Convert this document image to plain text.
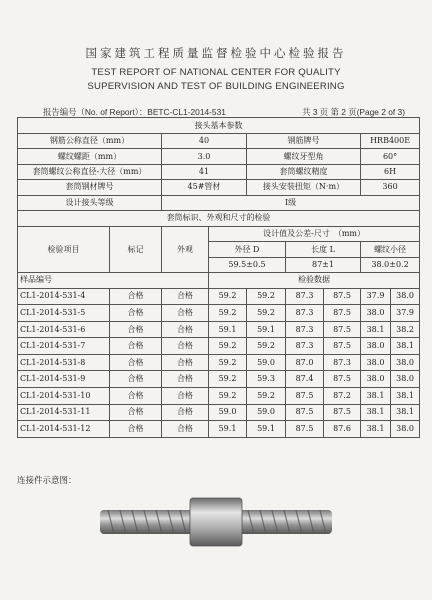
国家建筑工程质量监督检验中心检验报告
TEST REPORT OF NATIONAL CENTER FOR QUALITY
SUPERVISION AND TEST OF BUILDING ENGINEERING
报告编号（No. of Report）：BETC-CL1-2014-531	共 3 页 第 2 页(Page 2 of 3)
接头基本参数								
钢筋公称直径（mm）		40		钢筋牌号			HRB400E	
螺纹螺距（mm）		3.0		螺纹牙型角			60°	
套筒螺纹公称直径-大径（mm）		41		套筒螺纹精度			6H	
套筒钢材牌号		45#管材		接头安装扭矩（N·m）			360	
设计接头等级		I级						
套筒标识、外观和尺寸的检验								
检验项目	标记	外观	设计值及公差-尺寸　（mm）					
			外径 D		长度 L		螺纹小径	
			59.5±0.5		87±1		38.0±0.2	
样品编号			检验数据					
CL1-2014-531-4	合格	合格	59.2	59.2	87.3	87.5	37.9	38.0
CL1-2014-531-5	合格	合格	59.2	59.2	87.3	87.5	38.0	37.9
CL1-2014-531-6	合格	合格	59.1	59.1	87.3	87.5	38.1	38.2
CL1-2014-531-7	合格	合格	59.2	59.2	87.3	87.5	38.0	38.1
CL1-2014-531-8	合格	合格	59.2	59.0	87.0	87.3	38.0	38.0
CL1-2014-531-9	合格	合格	59.2	59.3	87.4	87.5	38.0	38.0
CL1-2014-531-10	合格	合格	59.2	59.2	87.5	87.2	38.1	38.1
CL1-2014-531-11	合格	合格	59.0	59.0	87.5	87.5	38.1	38.1
CL1-2014-531-12	合格	合格	59.1	59.1	87.5	87.6	38.1	38.0
连接件示意图：
